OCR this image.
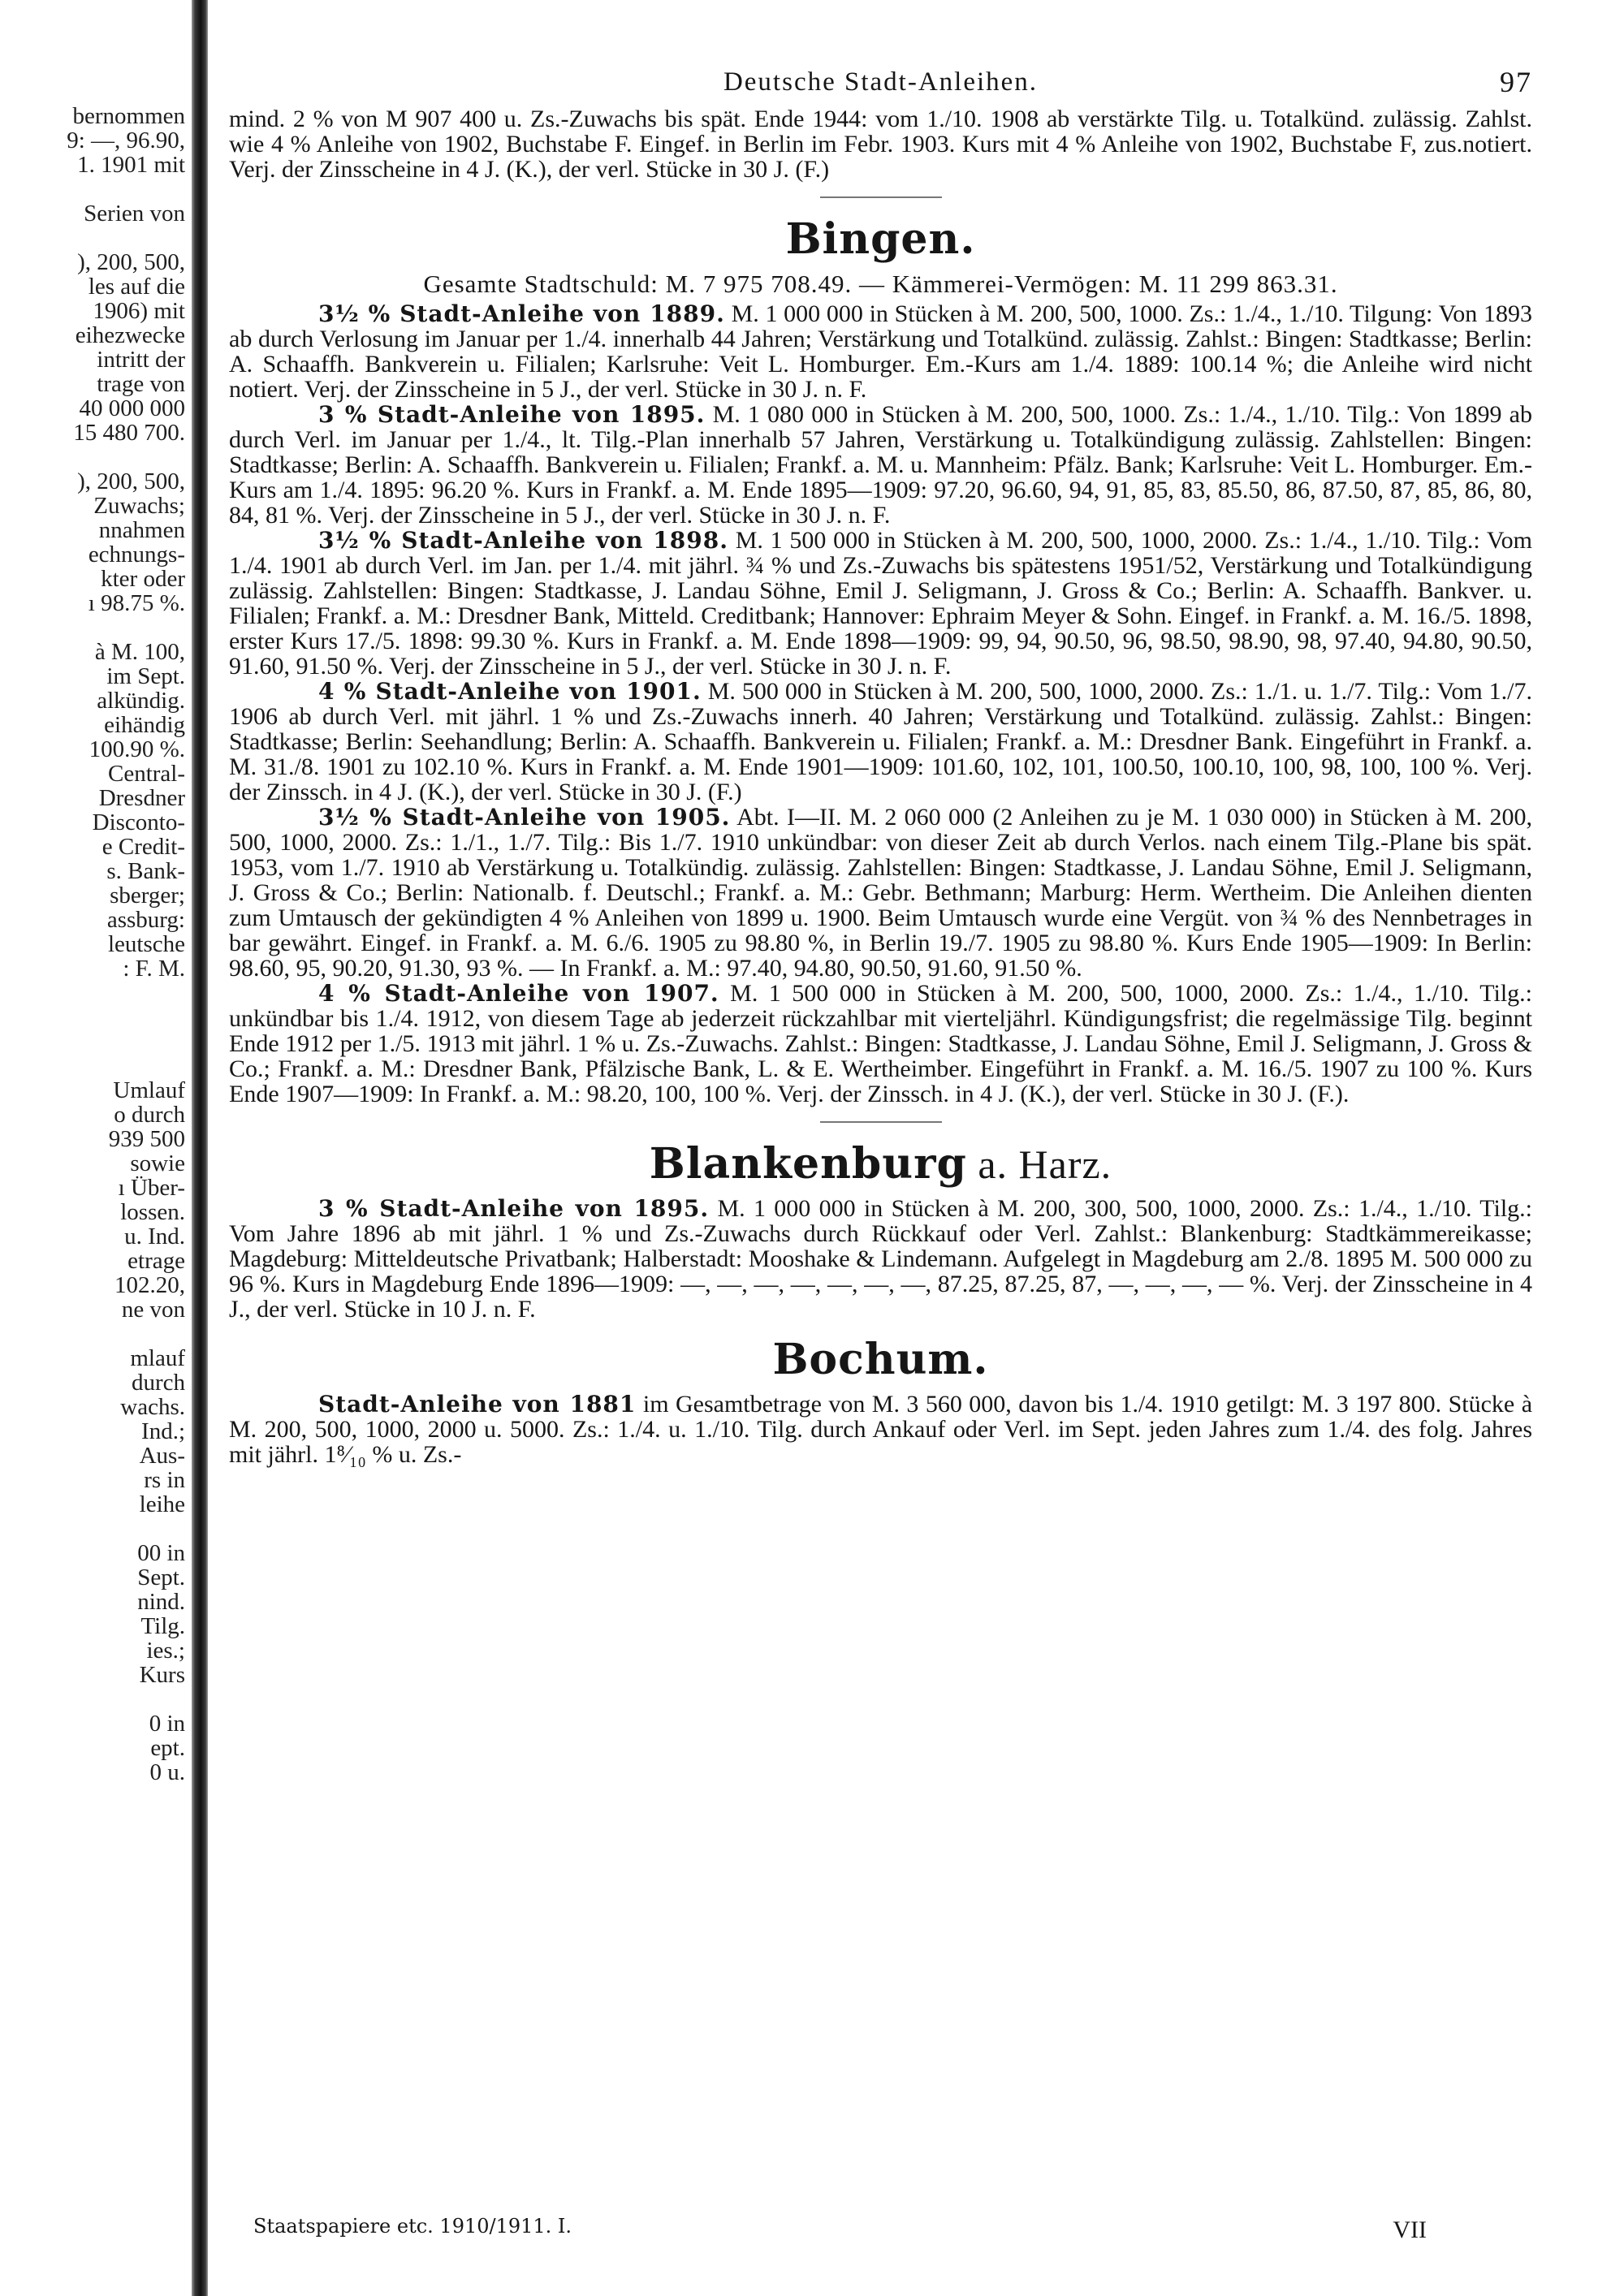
bernommen
9: —, 96.90,
1. 1901 mit
Serien von
), 200, 500,
les auf die
1906) mit
eihezwecke
intritt der
trage von
40 000 000
15 480 700.
), 200, 500,
Zuwachs;
nnahmen
echnungs-
kter oder
ı 98.75 %.
à M. 100,
im Sept.
alkündig.
eihändig
100.90 %.
Central-
Dresdner
Disconto-
e Credit-
s. Bank-
sberger;
assburg:
leutsche
: F. M.
Umlauf
o durch
939 500
sowie
ı Über-
lossen.
u. Ind.
etrage
102.20,
ne von
mlauf
durch
wachs.
Ind.;
Aus-
rs in
leihe
00 in
Sept.
nind.
Tilg.
ies.;
Kurs
0 in
ept.
0 u.
Deutsche Stadt-Anleihen.	97

mind. 2 % von M 907 400 u. Zs.-Zuwachs bis spät. Ende 1944: vom 1./10. 1908 ab verstärkte Tilg. u. Totalkünd. zulässig. Zahlst. wie 4 % Anleihe von 1902, Buchstabe F. Eingef. in Berlin im Febr. 1903. Kurs mit 4 % Anleihe von 1902, Buchstabe F, zus.notiert. Verj. der Zinsscheine in 4 J. (K.), der verl. Stücke in 30 J. (F.)

Bingen.
Gesamte Stadtschuld: M. 7 975 708.49. — Kämmerei-Vermögen: M. 11 299 863.31.

3½ % Stadt-Anleihe von 1889. M. 1 000 000 in Stücken à M. 200, 500, 1000. Zs.: 1./4., 1./10. Tilgung: Von 1893 ab durch Verlosung im Januar per 1./4. innerhalb 44 Jahren; Verstärkung und Totalkünd. zulässig. Zahlst.: Bingen: Stadtkasse; Berlin: A. Schaaffh. Bankverein u. Filialen; Karlsruhe: Veit L. Homburger. Em.-Kurs am 1./4. 1889: 100.14 %; die Anleihe wird nicht notiert. Verj. der Zinsscheine in 5 J., der verl. Stücke in 30 J. n. F.

3 % Stadt-Anleihe von 1895. M. 1 080 000 in Stücken à M. 200, 500, 1000. Zs.: 1./4., 1./10. Tilg.: Von 1899 ab durch Verl. im Januar per 1./4., lt. Tilg.-Plan innerhalb 57 Jahren, Verstärkung u. Totalkündigung zulässig. Zahlstellen: Bingen: Stadtkasse; Berlin: A. Schaaffh. Bankverein u. Filialen; Frankf. a. M. u. Mannheim: Pfälz. Bank; Karlsruhe: Veit L. Homburger. Em.-Kurs am 1./4. 1895: 96.20 %. Kurs in Frankf. a. M. Ende 1895—1909: 97.20, 96.60, 94, 91, 85, 83, 85.50, 86, 87.50, 87, 85, 86, 80, 84, 81 %. Verj. der Zinsscheine in 5 J., der verl. Stücke in 30 J. n. F.

3½ % Stadt-Anleihe von 1898. M. 1 500 000 in Stücken à M. 200, 500, 1000, 2000. Zs.: 1./4., 1./10. Tilg.: Vom 1./4. 1901 ab durch Verl. im Jan. per 1./4. mit jährl. ¾ % und Zs.-Zuwachs bis spätestens 1951/52, Verstärkung und Totalkündigung zulässig. Zahlstellen: Bingen: Stadtkasse, J. Landau Söhne, Emil J. Seligmann, J. Gross & Co.; Berlin: A. Schaaffh. Bankver. u. Filialen; Frankf. a. M.: Dresdner Bank, Mitteld. Creditbank; Hannover: Ephraim Meyer & Sohn. Eingef. in Frankf. a. M. 16./5. 1898, erster Kurs 17./5. 1898: 99.30 %. Kurs in Frankf. a. M. Ende 1898—1909: 99, 94, 90.50, 96, 98.50, 98.90, 98, 97.40, 94.80, 90.50, 91.60, 91.50 %. Verj. der Zinsscheine in 5 J., der verl. Stücke in 30 J. n. F.

4 % Stadt-Anleihe von 1901. M. 500 000 in Stücken à M. 200, 500, 1000, 2000. Zs.: 1./1. u. 1./7. Tilg.: Vom 1./7. 1906 ab durch Verl. mit jährl. 1 % und Zs.-Zuwachs innerh. 40 Jahren; Verstärkung und Totalkünd. zulässig. Zahlst.: Bingen: Stadtkasse; Berlin: Seehandlung; Berlin: A. Schaaffh. Bankverein u. Filialen; Frankf. a. M.: Dresdner Bank. Eingeführt in Frankf. a. M. 31./8. 1901 zu 102.10 %. Kurs in Frankf. a. M. Ende 1901—1909: 101.60, 102, 101, 100.50, 100.10, 100, 98, 100, 100 %. Verj. der Zinssch. in 4 J. (K.), der verl. Stücke in 30 J. (F.)

3½ % Stadt-Anleihe von 1905. Abt. I—II. M. 2 060 000 (2 Anleihen zu je M. 1 030 000) in Stücken à M. 200, 500, 1000, 2000. Zs.: 1./1., 1./7. Tilg.: Bis 1./7. 1910 unkündbar: von dieser Zeit ab durch Verlos. nach einem Tilg.-Plane bis spät. 1953, vom 1./7. 1910 ab Verstärkung u. Totalkündig. zulässig. Zahlstellen: Bingen: Stadtkasse, J. Landau Söhne, Emil J. Seligmann, J. Gross & Co.; Berlin: Nationalb. f. Deutschl.; Frankf. a. M.: Gebr. Bethmann; Marburg: Herm. Wertheim. Die Anleihen dienten zum Umtausch der gekündigten 4 % Anleihen von 1899 u. 1900. Beim Umtausch wurde eine Vergüt. von ¾ % des Nennbetrages in bar gewährt. Eingef. in Frankf. a. M. 6./6. 1905 zu 98.80 %, in Berlin 19./7. 1905 zu 98.80 %. Kurs Ende 1905—1909: In Berlin: 98.60, 95, 90.20, 91.30, 93 %. — In Frankf. a. M.: 97.40, 94.80, 90.50, 91.60, 91.50 %.

4 % Stadt-Anleihe von 1907. M. 1 500 000 in Stücken à M. 200, 500, 1000, 2000. Zs.: 1./4., 1./10. Tilg.: unkündbar bis 1./4. 1912, von diesem Tage ab jederzeit rückzahlbar mit vierteljährl. Kündigungsfrist; die regelmässige Tilg. beginnt Ende 1912 per 1./5. 1913 mit jährl. 1 % u. Zs.-Zuwachs. Zahlst.: Bingen: Stadtkasse, J. Landau Söhne, Emil J. Seligmann, J. Gross & Co.; Frankf. a. M.: Dresdner Bank, Pfälzische Bank, L. & E. Wertheimber. Eingeführt in Frankf. a. M. 16./5. 1907 zu 100 %. Kurs Ende 1907—1909: In Frankf. a. M.: 98.20, 100, 100 %. Verj. der Zinssch. in 4 J. (K.), der verl. Stücke in 30 J. (F.).

Blankenburg a. Harz.

3 % Stadt-Anleihe von 1895. M. 1 000 000 in Stücken à M. 200, 300, 500, 1000, 2000. Zs.: 1./4., 1./10. Tilg.: Vom Jahre 1896 ab mit jährl. 1 % und Zs.-Zuwachs durch Rückkauf oder Verl. Zahlst.: Blankenburg: Stadtkämmereikasse; Magdeburg: Mitteldeutsche Privatbank; Halberstadt: Mooshake & Lindemann. Aufgelegt in Magdeburg am 2./8. 1895 M. 500 000 zu 96 %. Kurs in Magdeburg Ende 1896—1909: —, —, —, —, —, —, —, 87.25, 87.25, 87, —, —, —, — %. Verj. der Zinsscheine in 4 J., der verl. Stücke in 10 J. n. F.

Bochum.

Stadt-Anleihe von 1881 im Gesamtbetrage von M. 3 560 000, davon bis 1./4. 1910 getilgt: M. 3 197 800. Stücke à M. 200, 500, 1000, 2000 u. 5000. Zs.: 1./4. u. 1./10. Tilg. durch Ankauf oder Verl. im Sept. jeden Jahres zum 1./4. des folg. Jahres mit jährl. 1⁸⁄₁₀ % u. Zs.-

Staatspapiere etc. 1910/1911. I.	VII
